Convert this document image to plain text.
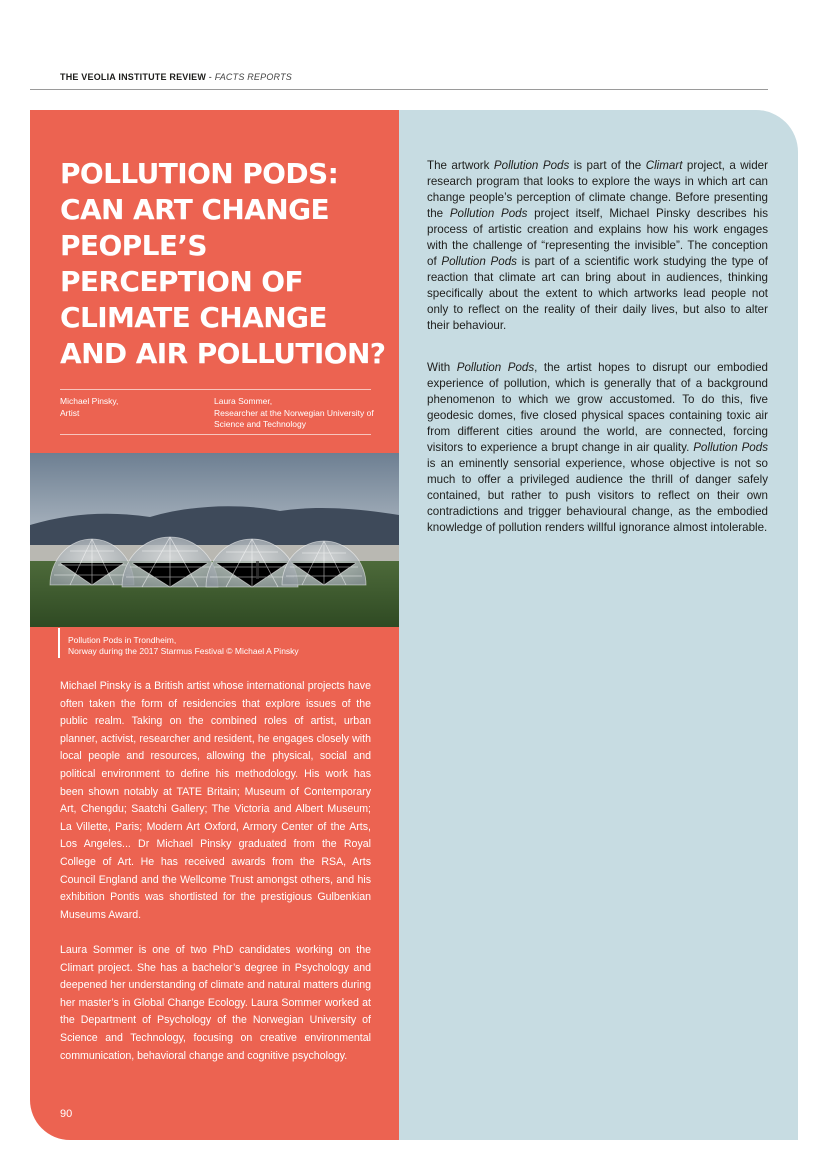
THE VEOLIA INSTITUTE REVIEW - FACTS REPORTS
POLLUTION PODS: CAN ART CHANGE PEOPLE’S PERCEPTION OF CLIMATE CHANGE AND AIR POLLUTION?
Michael Pinsky,
Artist
Laura Sommer,
Researcher at the Norwegian University of Science and Technology
Pollution Pods in Trondheim,
Norway during the 2017 Starmus Festival © Michael A Pinsky

Michael Pinsky is a British artist whose international projects have often taken the form of residencies that explore issues of the public realm. Taking on the combined roles of artist, urban planner, activist, researcher and resident, he engages closely with local people and resources, allowing the physical, social and political environment to define his methodology. His work has been shown notably at TATE Britain; Museum of Contemporary Art, Chengdu; Saatchi Gallery; The Victoria and Albert Museum; La Villette, Paris; Modern Art Oxford, Armory Center of the Arts, Los Angeles... Dr Michael Pinsky graduated from the Royal College of Art. He has received awards from the RSA, Arts Council England and the Wellcome Trust amongst others, and his exhibition Pontis was shortlisted for the prestigious Gulbenkian Museums Award.

Laura Sommer is one of two PhD candidates working on the Climart project. She has a bachelor’s degree in Psychology and deepened her understanding of climate and natural matters during her master’s in Global Change Ecology. Laura Sommer worked at the Department of Psychology of the Norwegian University of Science and Technology, focusing on creative environmental communication, behavioral change and cognitive psychology.

90

The artwork Pollution Pods is part of the Climart project, a wider research program that looks to explore the ways in which art can change people’s perception of climate change. Before presenting the Pollution Pods project itself, Michael Pinsky describes his process of artistic creation and explains how his work engages with the challenge of “representing the invisible”. The conception of Pollution Pods is part of a scientific work studying the type of reaction that climate art can bring about in audiences, thinking specifically about the extent to which artworks lead people not only to reflect on the reality of their daily lives, but also to alter their behaviour.

With Pollution Pods, the artist hopes to disrupt our embodied experience of pollution, which is generally that of a background phenomenon to which we grow accustomed. To do this, five geodesic domes, five closed physical spaces containing toxic air from different cities around the world, are connected, forcing visitors to experience a brupt change in air quality. Pollution Pods is an eminently sensorial experience, whose objective is not so much to offer a privileged audience the thrill of danger safely contained, but rather to push visitors to reflect on their own contradictions and trigger behavioural change, as the embodied knowledge of pollution renders willful ignorance almost intolerable.
